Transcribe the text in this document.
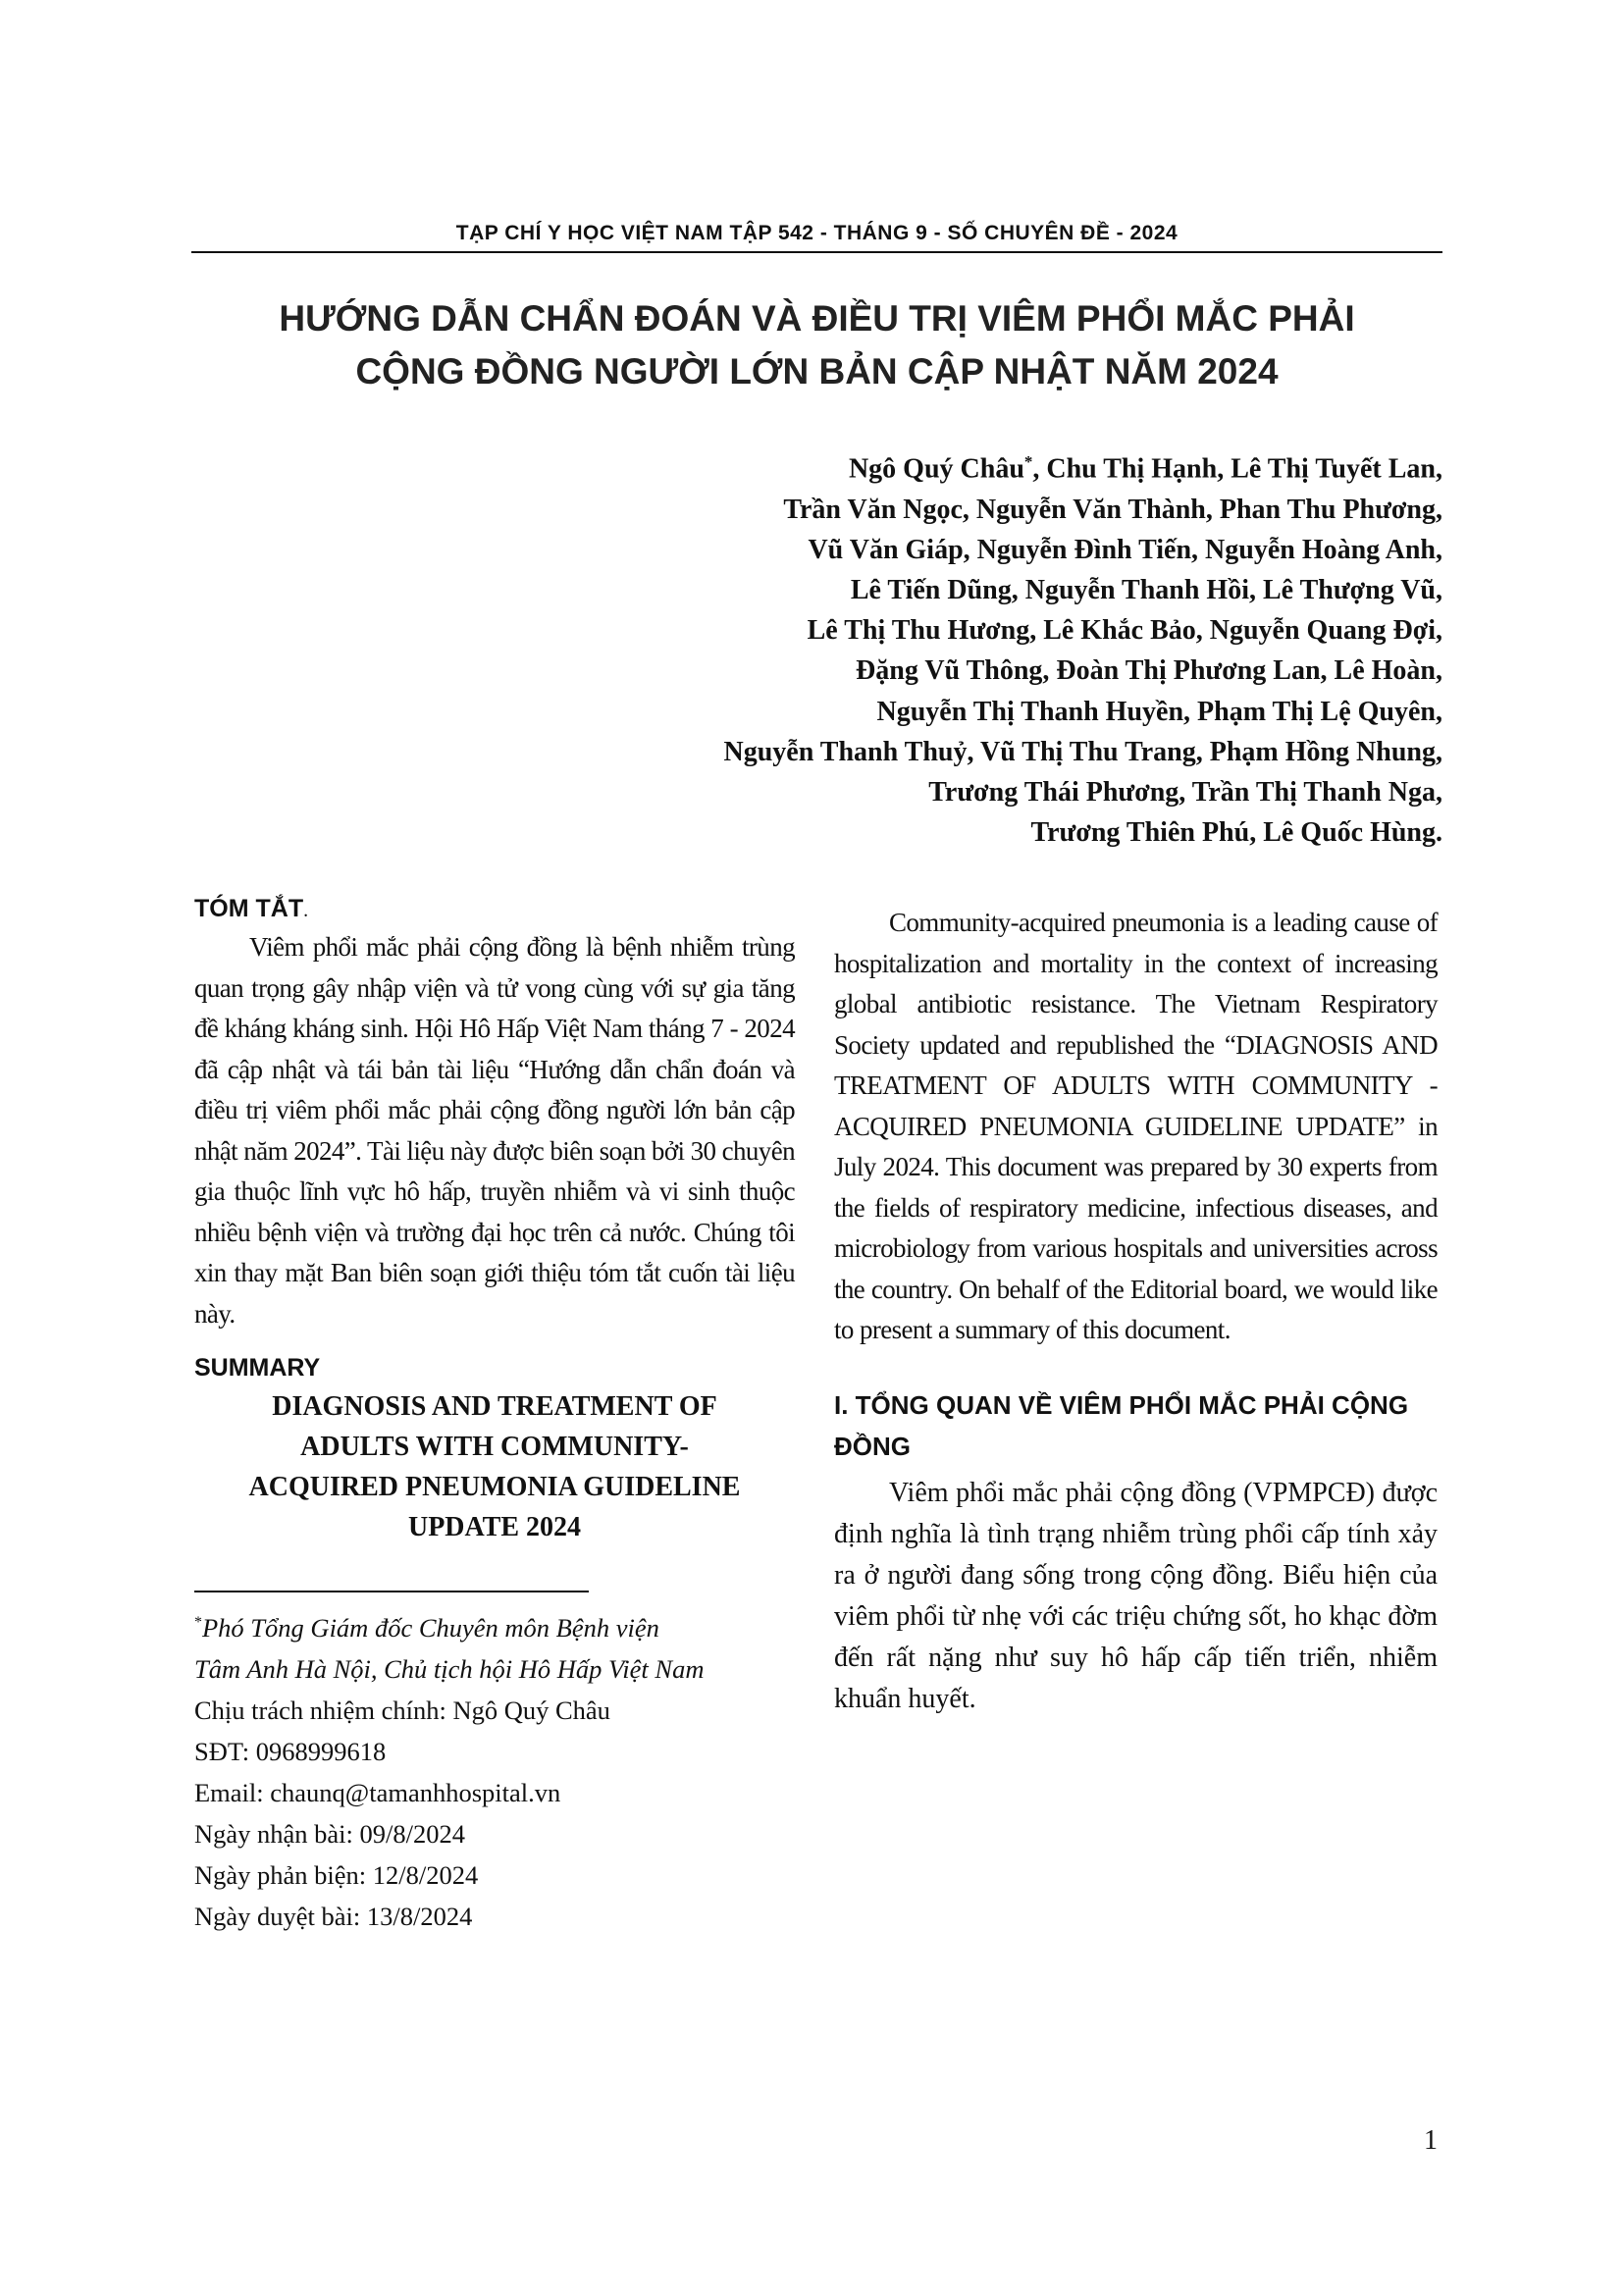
TẠP CHÍ Y HỌC VIỆT NAM TẬP 542 - THÁNG 9 - SỐ CHUYÊN ĐỀ - 2024
HƯỚNG DẪN CHẨN ĐOÁN VÀ ĐIỀU TRỊ VIÊM PHỔI MẮC PHẢI
CỘNG ĐỒNG NGƯỜI LỚN BẢN CẬP NHẬT NĂM 2024
Ngô Quý Châu*, Chu Thị Hạnh, Lê Thị Tuyết Lan,
Trần Văn Ngọc, Nguyễn Văn Thành, Phan Thu Phương,
Vũ Văn Giáp, Nguyễn Đình Tiến, Nguyễn Hoàng Anh,
Lê Tiến Dũng, Nguyễn Thanh Hồi, Lê Thượng Vũ,
Lê Thị Thu Hương, Lê Khắc Bảo, Nguyễn Quang Đợi,
Đặng Vũ Thông, Đoàn Thị Phương Lan, Lê Hoàn,
Nguyễn Thị Thanh Huyền, Phạm Thị Lệ Quyên,
Nguyễn Thanh Thuỷ, Vũ Thị Thu Trang, Phạm Hồng Nhung,
Trương Thái Phương, Trần Thị Thanh Nga,
Trương Thiên Phú, Lê Quốc Hùng.
TÓM TẮT.

Viêm phổi mắc phải cộng đồng là bệnh nhiễm trùng quan trọng gây nhập viện và tử vong cùng với sự gia tăng đề kháng kháng sinh. Hội Hô Hấp Việt Nam tháng 7 - 2024 đã cập nhật và tái bản tài liệu “Hướng dẫn chẩn đoán và điều trị viêm phổi mắc phải cộng đồng người lớn bản cập nhật năm 2024”. Tài liệu này được biên soạn bởi 30 chuyên gia thuộc lĩnh vực hô hấp, truyền nhiễm và vi sinh thuộc nhiều bệnh viện và trường đại học trên cả nước. Chúng tôi xin thay mặt Ban biên soạn giới thiệu tóm tắt cuốn tài liệu này.

SUMMARY
DIAGNOSIS AND TREATMENT OF
ADULTS WITH COMMUNITY-
ACQUIRED PNEUMONIA GUIDELINE
UPDATE 2024

*Phó Tổng Giám đốc Chuyên môn Bệnh viện

Tâm Anh Hà Nội, Chủ tịch hội Hô Hấp Việt Nam

Chịu trách nhiệm chính: Ngô Quý Châu

SĐT: 0968999618

Email: chaunq@tamanhhospital.vn

Ngày nhận bài: 09/8/2024

Ngày phản biện: 12/8/2024

Ngày duyệt bài: 13/8/2024

Community-acquired pneumonia is a leading cause of hospitalization and mortality in the context of increasing global antibiotic resistance. The Vietnam Respiratory Society updated and republished the “DIAGNOSIS AND TREATMENT OF ADULTS WITH COMMUNITY - ACQUIRED PNEUMONIA GUIDELINE UPDATE” in July 2024. This document was prepared by 30 experts from the fields of respiratory medicine, infectious diseases, and microbiology from various hospitals and universities across the country. On behalf of the Editorial board, we would like to present a summary of this document.

I. TỔNG QUAN VỀ VIÊM PHỔI MẮC PHẢI CỘNG ĐỒNG

Viêm phổi mắc phải cộng đồng (VPMPCĐ) được định nghĩa là tình trạng nhiễm trùng phổi cấp tính xảy ra ở người đang sống trong cộng đồng. Biểu hiện của viêm phổi từ nhẹ với các triệu chứng sốt, ho khạc đờm đến rất nặng như suy hô hấp cấp tiến triển, nhiễm khuẩn huyết.

1
